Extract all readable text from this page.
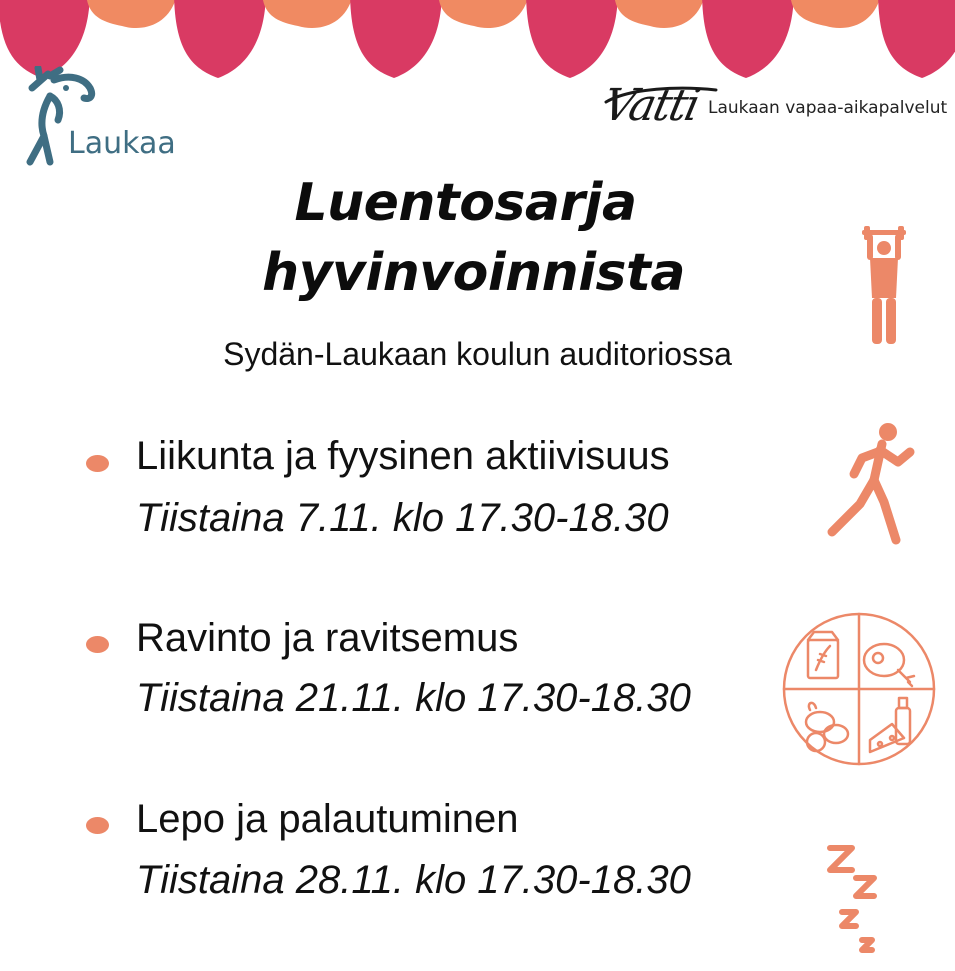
Laukaa
Vatti Laukaan vapaa-aikapalvelut
Luentosarja
hyvinvoinnista
Sydän-Laukaan koulun auditoriossa
Liikunta ja fyysinen aktiivisuus
Tiistaina 7.11. klo 17.30-18.30
Ravinto ja ravitsemus
Tiistaina 21.11. klo 17.30-18.30
Lepo ja palautuminen
Tiistaina 28.11. klo 17.30-18.30
